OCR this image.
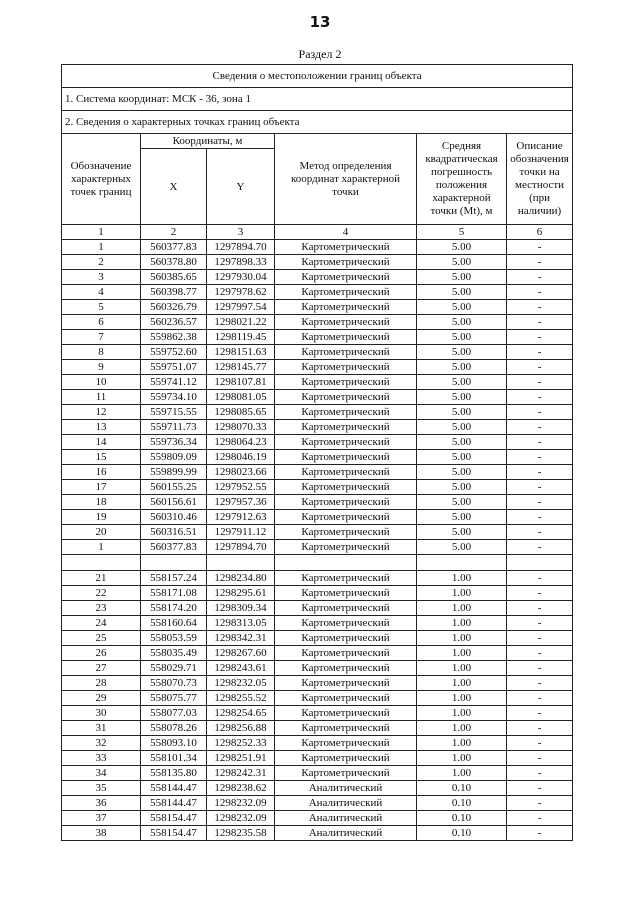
13
Раздел 2
Сведения о местоположении границ объекта					
1. Система координат: МСК - 36, зона 1					
2. Сведения о характерных точках границ объекта					
Обозначение характерных точек границ	Координаты, м		Метод определения координат характерной точки	Средняя квадратическая погрешность положения характерной точки (Mt), м	Описание обозначения точки на местности (при наличии)
	X	Y			
1	2	3	4	5	6
1	560377.83	1297894.70	Картометрический	5.00	-
2	560378.80	1297898.33	Картометрический	5.00	-
3	560385.65	1297930.04	Картометрический	5.00	-
4	560398.77	1297978.62	Картометрический	5.00	-
5	560326.79	1297997.54	Картометрический	5.00	-
6	560236.57	1298021.22	Картометрический	5.00	-
7	559862.38	1298119.45	Картометрический	5.00	-
8	559752.60	1298151.63	Картометрический	5.00	-
9	559751.07	1298145.77	Картометрический	5.00	-
10	559741.12	1298107.81	Картометрический	5.00	-
11	559734.10	1298081.05	Картометрический	5.00	-
12	559715.55	1298085.65	Картометрический	5.00	-
13	559711.73	1298070.33	Картометрический	5.00	-
14	559736.34	1298064.23	Картометрический	5.00	-
15	559809.09	1298046.19	Картометрический	5.00	-
16	559899.99	1298023.66	Картометрический	5.00	-
17	560155.25	1297952.55	Картометрический	5.00	-
18	560156.61	1297957.36	Картометрический	5.00	-
19	560310.46	1297912.63	Картометрический	5.00	-
20	560316.51	1297911.12	Картометрический	5.00	-
1	560377.83	1297894.70	Картометрический	5.00	-

21	558157.24	1298234.80	Картометрический	1.00	-
22	558171.08	1298295.61	Картометрический	1.00	-
23	558174.20	1298309.34	Картометрический	1.00	-
24	558160.64	1298313.05	Картометрический	1.00	-
25	558053.59	1298342.31	Картометрический	1.00	-
26	558035.49	1298267.60	Картометрический	1.00	-
27	558029.71	1298243.61	Картометрический	1.00	-
28	558070.73	1298232.05	Картометрический	1.00	-
29	558075.77	1298255.52	Картометрический	1.00	-
30	558077.03	1298254.65	Картометрический	1.00	-
31	558078.26	1298256.88	Картометрический	1.00	-
32	558093.10	1298252.33	Картометрический	1.00	-
33	558101.34	1298251.91	Картометрический	1.00	-
34	558135.80	1298242.31	Картометрический	1.00	-
35	558144.47	1298238.62	Аналитический	0.10	-
36	558144.47	1298232.09	Аналитический	0.10	-
37	558154.47	1298232.09	Аналитический	0.10	-
38	558154.47	1298235.58	Аналитический	0.10	-
